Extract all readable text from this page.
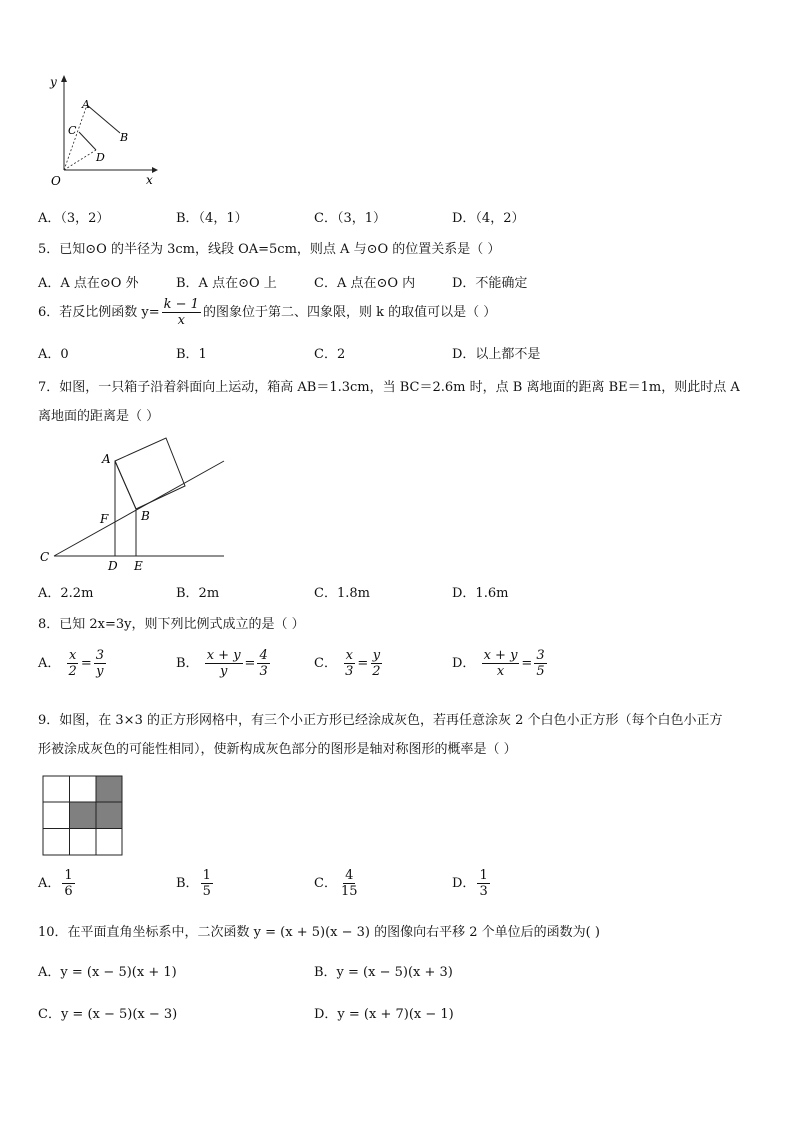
y
x
O
A
B
C
D
A．（3，2）	B．（4，1）	C．（3，1）	D．（4，2）
5．已知⊙O 的半径为 3cm，线段 OA=5cm，则点 A 与⊙O 的位置关系是（ ）
A．A 点在⊙O 外	B．A 点在⊙O 上	C．A 点在⊙O 内	D．不能确定
6．若反比例函数 $y= \frac{k - 1}{x}$ 的图象位于第二、四象限，则 k 的取值可以是（ ）
A．0	B．1	C．2	D．以上都不是
7．如图，一只箱子沿着斜面向上运动，箱高 AB＝1.3cm，当 BC＝2.6m 时，点 B 离地面的距离 BE＝1m，则此时点 A
离地面的距离是（ ）
A
B
C
D E
F
A．2.2m	B．2m	C．1.8m	D．1.6m
8．已知 2x=3y，则下列比例式成立的是（ ）
A． $\frac{x}{2} = \frac{3}{y}$	B． $\frac{x + y}{y} = \frac{4}{3}$	C． $\frac{x}{3} = \frac{y}{2}$	D． $\frac{x + y}{x} = \frac{3}{5}$
9．如图，在 3×3 的正方形网格中，有三个小正方形已经涂成灰色，若再任意涂灰 2 个白色小正方形（每个白色小正方
形被涂成灰色的可能性相同），使新构成灰色部分的图形是轴对称图形的概率是（ ）
A． $\frac{1}{6}$	B． $\frac{1}{5}$	C． $\frac{4}{15}$	D． $\frac{1}{3}$
10．在平面直角坐标系中，二次函数 y = (x + 5)(x − 3) 的图像向右平移 2 个单位后的函数为( )
A．y = (x − 5)(x + 1)	B．y = (x − 5)(x + 3)
C．y = (x − 5)(x − 3)	D．y = (x + 7)(x − 1)
